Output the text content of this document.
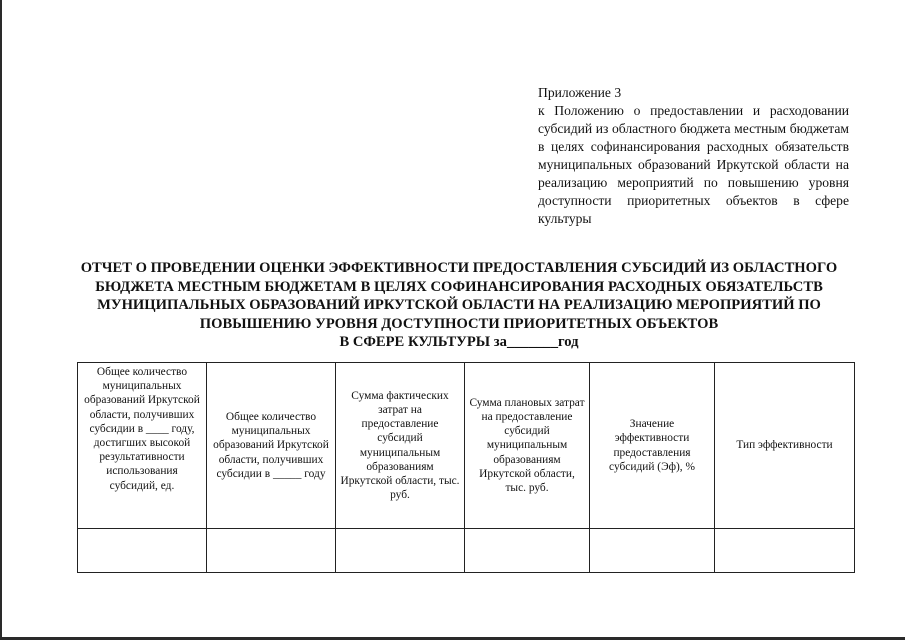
Приложение 3
к Положению о предоставлении и расходовании субсидий из областного бюджета местным бюджетам в целях софинансирования расходных обязательств муниципальных образований Иркутской области на реализацию мероприятий по повышению уровня доступности приоритетных объектов в сфере культуры
ОТЧЕТ О ПРОВЕДЕНИИ ОЦЕНКИ ЭФФЕКТИВНОСТИ ПРЕДОСТАВЛЕНИЯ СУБСИДИЙ ИЗ ОБЛАСТНОГО
БЮДЖЕТА МЕСТНЫМ БЮДЖЕТАМ В ЦЕЛЯХ СОФИНАНСИРОВАНИЯ РАСХОДНЫХ ОБЯЗАТЕЛЬСТВ
МУНИЦИПАЛЬНЫХ ОБРАЗОВАНИЙ ИРКУТСКОЙ ОБЛАСТИ НА РЕАЛИЗАЦИЮ МЕРОПРИЯТИЙ ПО
ПОВЫШЕНИЮ УРОВНЯ ДОСТУПНОСТИ ПРИОРИТЕТНЫХ ОБЪЕКТОВ
В СФЕРЕ КУЛЬТУРЫ за_______год
Общее количество муниципальных образований Иркутской области, получивших субсидии в ____ году, достигших высокой результативности использования субсидий, ед.	Общее количество муниципальных образований Иркутской области, получивших субсидии в _____ году	Сумма фактических затрат на предоставление субсидий муниципальным образованиям Иркутской области, тыс. руб.	Сумма плановых затрат на предоставление субсидий муниципальным образованиям Иркутской области, тыс. руб.	Значение эффективности предоставления субсидий (Эф), %	Тип эффективности
